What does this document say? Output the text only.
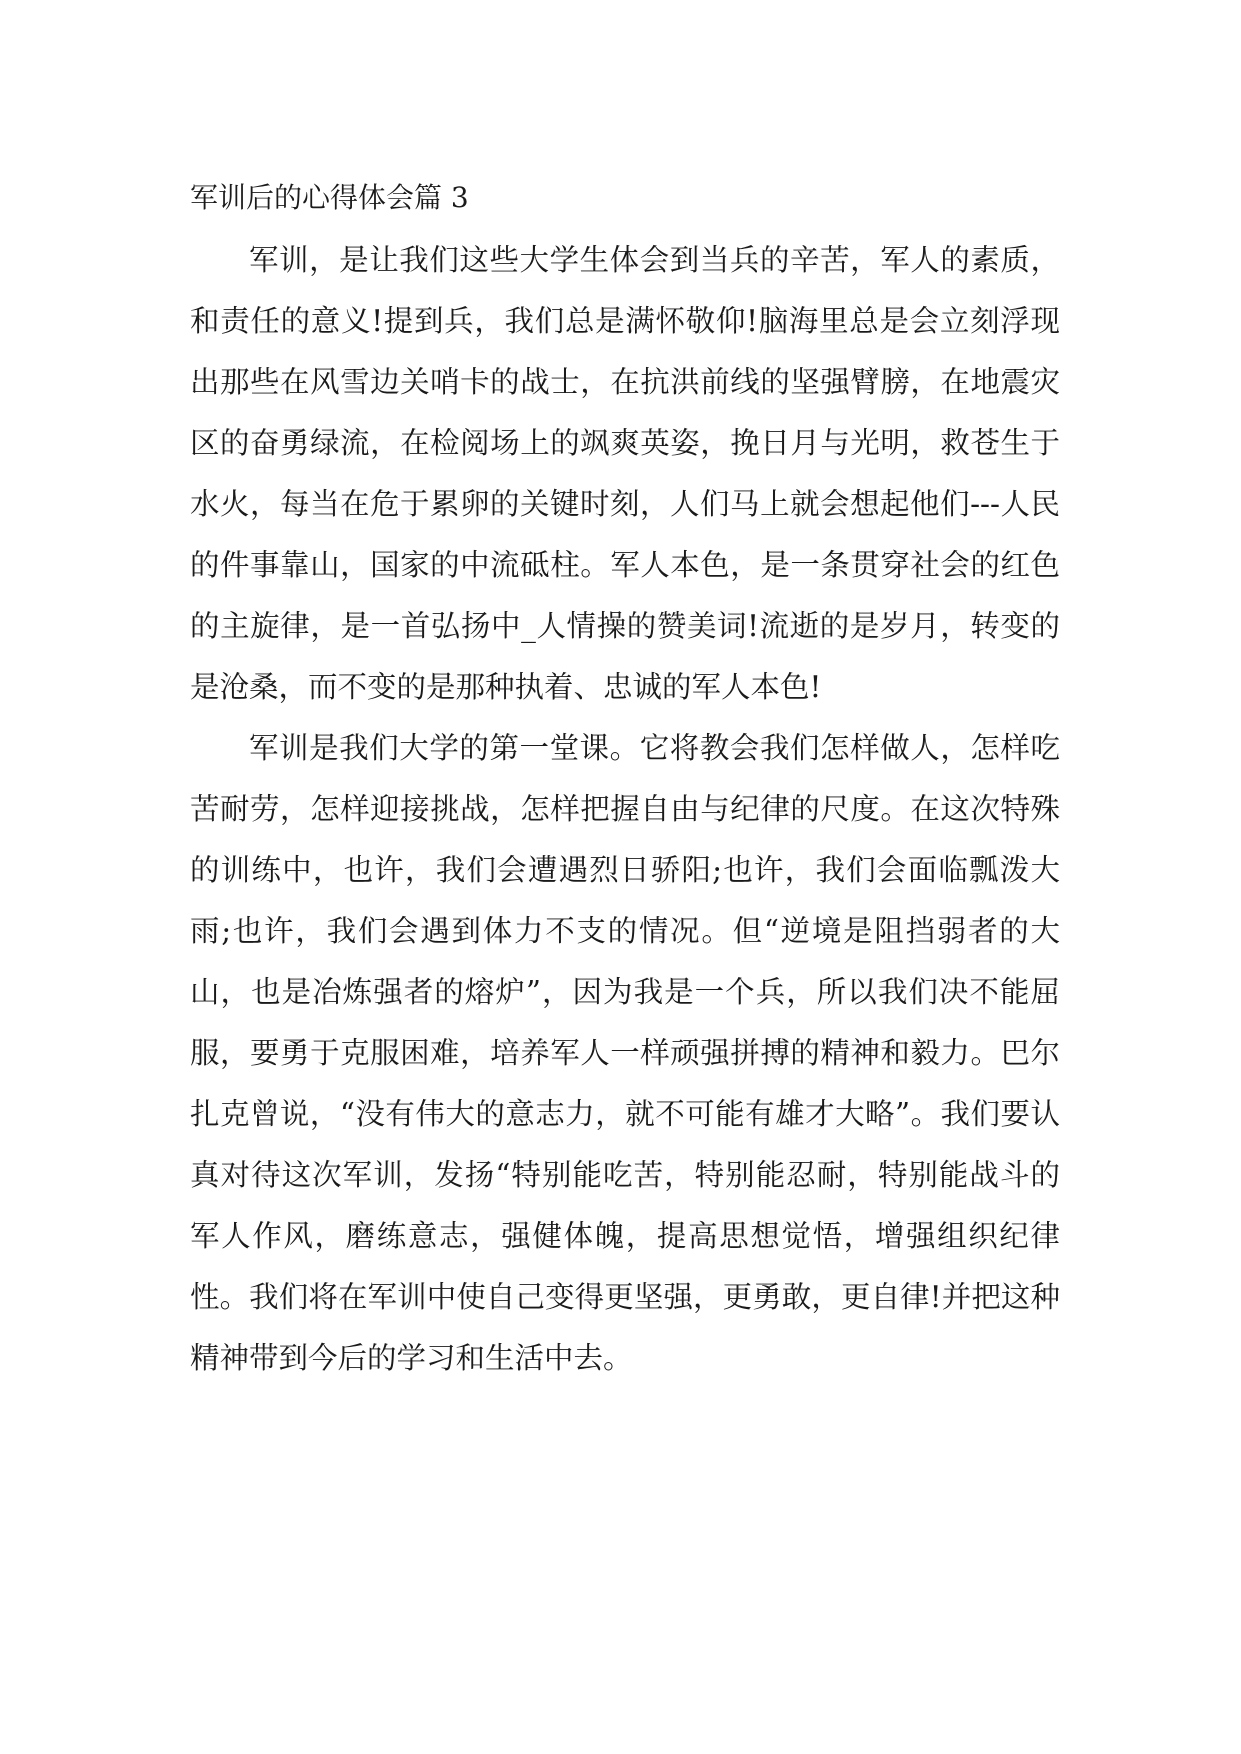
军训后的心得体会篇 3

军训，是让我们这些大学生体会到当兵的辛苦，军人的素质，和责任的意义!提到兵，我们总是满怀敬仰!脑海里总是会立刻浮现出那些在风雪边关哨卡的战士，在抗洪前线的坚强臂膀，在地震灾区的奋勇绿流，在检阅场上的飒爽英姿，挽日月与光明，救苍生于水火，每当在危于累卵的关键时刻，人们马上就会想起他们---人民的件事靠山，国家的中流砥柱。军人本色，是一条贯穿社会的红色的主旋律，是一首弘扬中_人情操的赞美词!流逝的是岁月，转变的是沧桑，而不变的是那种执着、忠诚的军人本色!

军训是我们大学的第一堂课。它将教会我们怎样做人，怎样吃苦耐劳，怎样迎接挑战，怎样把握自由与纪律的尺度。在这次特殊的训练中，也许，我们会遭遇烈日骄阳;也许，我们会面临瓢泼大雨;也许，我们会遇到体力不支的情况。但“逆境是阻挡弱者的大山，也是冶炼强者的熔炉”，因为我是一个兵，所以我们决不能屈服，要勇于克服困难，培养军人一样顽强拼搏的精神和毅力。巴尔扎克曾说，“没有伟大的意志力，就不可能有雄才大略”。我们要认真对待这次军训，发扬“特别能吃苦，特别能忍耐，特别能战斗的军人作风，磨练意志，强健体魄，提高思想觉悟，增强组织纪律性。我们将在军训中使自己变得更坚强，更勇敢，更自律!并把这种精神带到今后的学习和生活中去。
